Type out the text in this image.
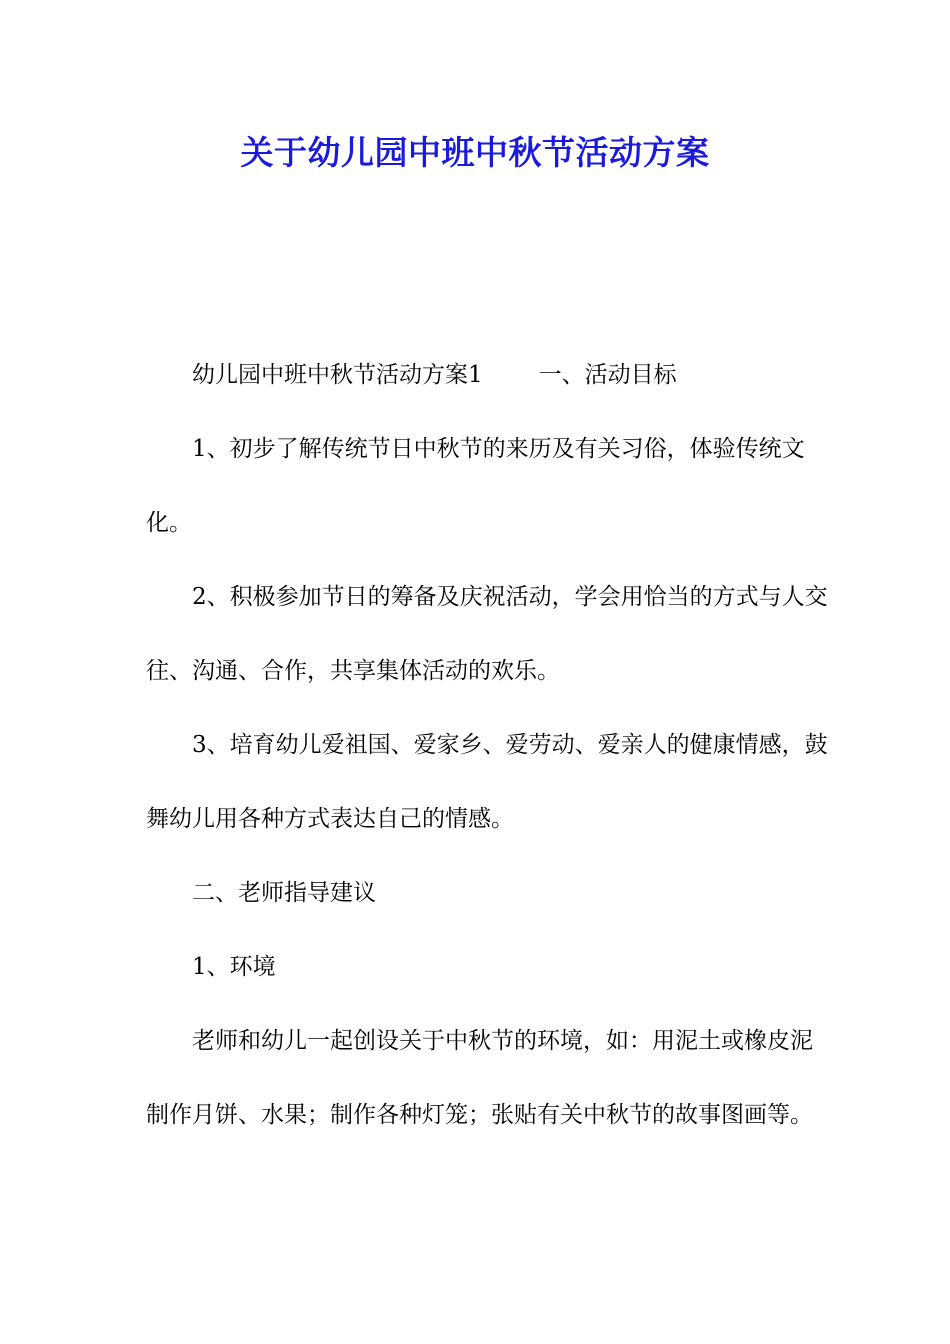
关于幼儿园中班中秋节活动方案

幼儿园中班中秋节活动方案1 一、活动目标

1、初步了解传统节日中秋节的来历及有关习俗，体验传统文化。

2、积极参加节日的筹备及庆祝活动，学会用恰当的方式与人交往、沟通、合作，共享集体活动的欢乐。

3、培育幼儿爱祖国、爱家乡、爱劳动、爱亲人的健康情感，鼓舞幼儿用各种方式表达自己的情感。

二、老师指导建议

1、环境

老师和幼儿一起创设关于中秋节的环境，如：用泥土或橡皮泥制作月饼、水果；制作各种灯笼；张贴有关中秋节的故事图画等。
